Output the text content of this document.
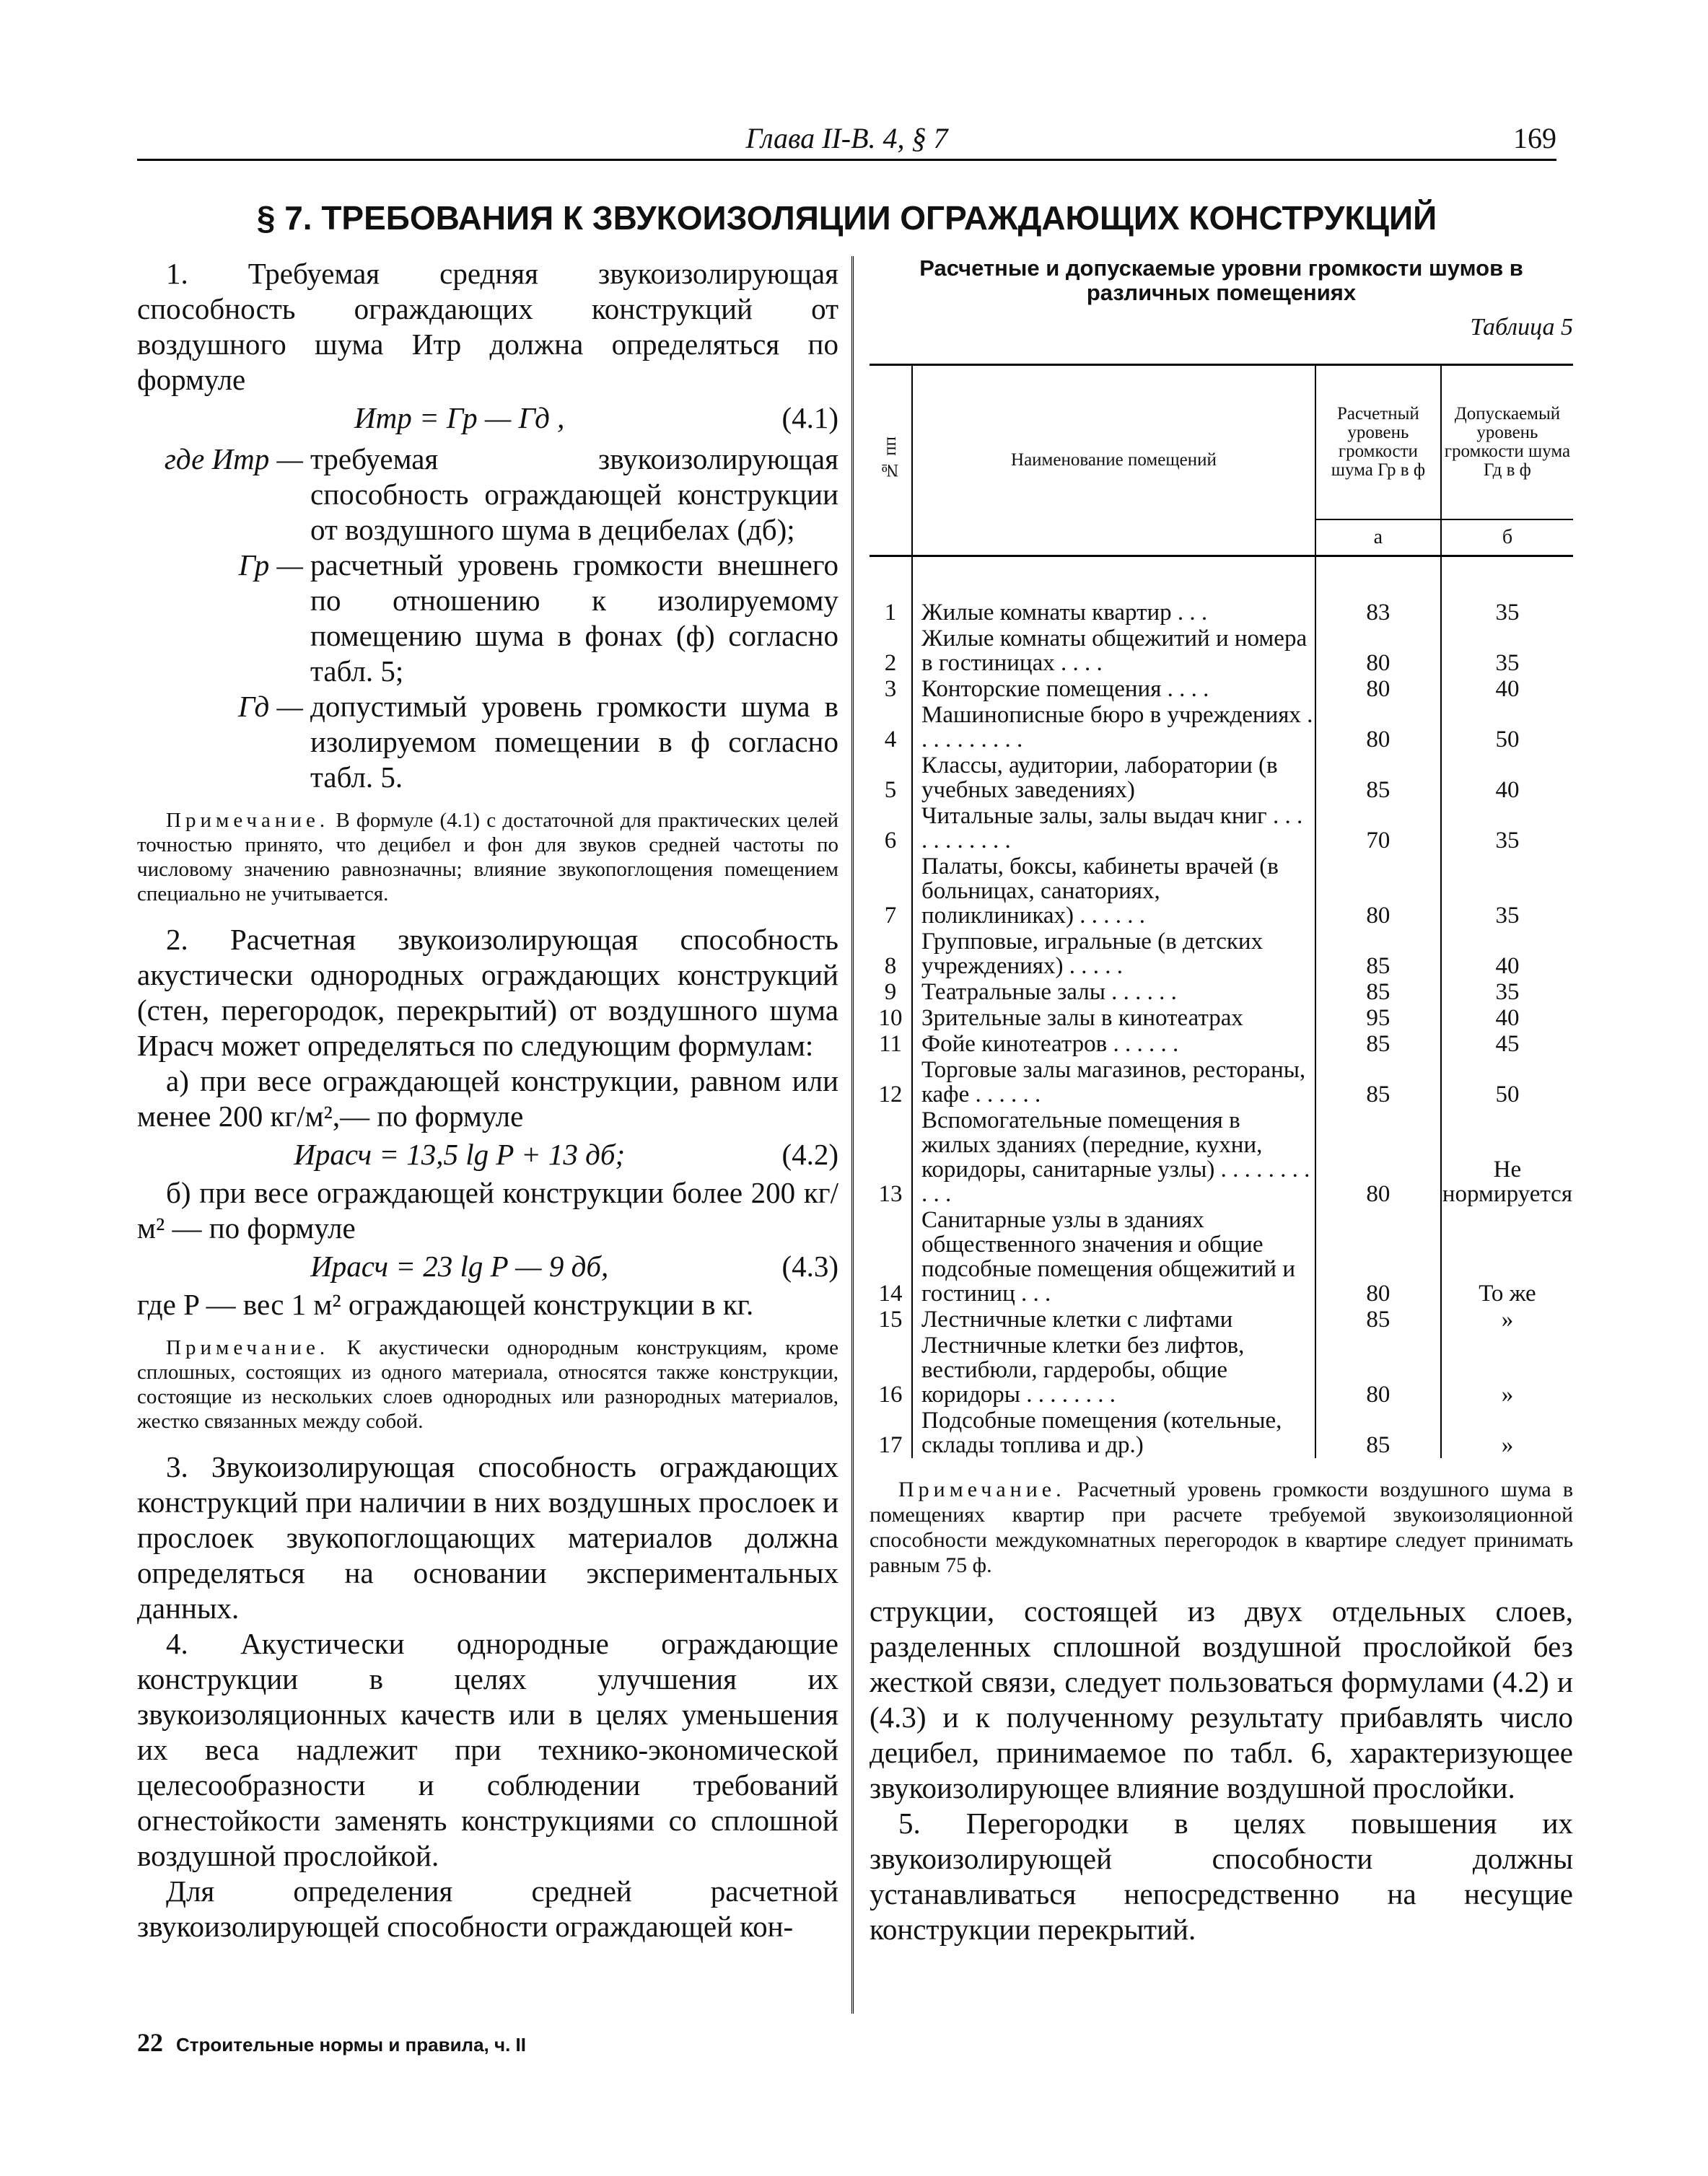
Глава II-В. 4, § 7	169
§ 7. ТРЕБОВАНИЯ К ЗВУКОИЗОЛЯЦИИ ОГРАЖДАЮЩИХ КОНСТРУКЦИЙ

1. Требуемая средняя звукоизолирующая способность ограждающих конструкций от воздушного шума Итр должна определяться по формуле

Итр = Гр — Гд ,	(4.1)
где Итр — требуемая звукоизолирующая способность ограждающей конструкции от воздушного шума в децибелах (дб);
Гр — расчетный уровень громкости внешнего по отношению к изолируемому помещению шума в фонах (ф) согласно табл. 5;
Гд — допустимый уровень громкости шума в изолируемом помещении в ф согласно табл. 5.

Примечание. В формуле (4.1) с достаточной для практических целей точностью принято, что децибел и фон для звуков средней частоты по числовому значению равнозначны; влияние звукопоглощения помещением специально не учитывается.

2. Расчетная звукоизолирующая способность акустически однородных ограждающих конструкций (стен, перегородок, перекрытий) от воздушного шума Ирасч может определяться по следующим формулам:

а) при весе ограждающей конструкции, равном или менее 200 кг/м²,— по формуле

Ирасч = 13,5 lg P + 13 дб;	(4.2)

б) при весе ограждающей конструкции более 200 кг/м² — по формуле

Ирасч = 23 lg P — 9 дб,	(4.3)

где P — вес 1 м² ограждающей конструкции в кг.

Примечание. К акустически однородным конструкциям, кроме сплошных, состоящих из одного материала, относятся также конструкции, состоящие из нескольких слоев однородных или разнородных материалов, жестко связанных между собой.

3. Звукоизолирующая способность ограждающих конструкций при наличии в них воздушных прослоек и прослоек звукопоглощающих материалов должна определяться на основании экспериментальных данных.

4. Акустически однородные ограждающие конструкции в целях улучшения их звукоизоляционных качеств или в целях уменьшения их веса надлежит при технико-экономической целесообразности и соблюдении требований огнестойкости заменять конструкциями со сплошной воздушной прослойкой.

Для определения средней расчетной звукоизолирующей способности ограждающей кон-

Расчетные и допускаемые уровни громкости шумов в различных помещениях
Таблица 5
№ пп	Наименование помещений	Расчетный уровень громкости шума Гр в ф	Допускаемый уровень громкости шума Гд в ф
		а	б

1	Жилые комнаты квартир . . .	83	35
2	Жилые комнаты общежитий и номера в гостиницах . . . .	80	35
3	Конторские помещения . . . .	80	40
4	Машинописные бюро в учреждениях . . . . . . . . . .	80	50
5	Классы, аудитории, лаборатории (в учебных заведениях)	85	40
6	Читальные залы, залы выдач книг . . . . . . . . . . .	70	35
7	Палаты, боксы, кабинеты врачей (в больницах, санаториях, поликлиниках) . . . . . .	80	35
8	Групповые, игральные (в детских учреждениях) . . . . .	85	40
9	Театральные залы . . . . . .	85	35
10	Зрительные залы в кинотеатрах	95	40
11	Фойе кинотеатров . . . . . .	85	45
12	Торговые залы магазинов, рестораны, кафе . . . . . .	85	50
13	Вспомогательные помещения в жилых зданиях (передние, кухни, коридоры, санитарные узлы) . . . . . . . . . . .	80	Не нормируется
14	Санитарные узлы в зданиях общественного значения и общие подсобные помещения общежитий и гостиниц . . .	80	То же
15	Лестничные клетки с лифтами	85	»
16	Лестничные клетки без лифтов, вестибюли, гардеробы, общие коридоры . . . . . . . .	80	»
17	Подсобные помещения (котельные, склады топлива и др.)	85	»

Примечание. Расчетный уровень громкости воздушного шума в помещениях квартир при расчете требуемой звукоизоляционной способности междукомнатных перегородок в квартире следует принимать равным 75 ф.

струкции, состоящей из двух отдельных слоев, разделенных сплошной воздушной прослойкой без жесткой связи, следует пользоваться формулами (4.2) и (4.3) и к полученному результату прибавлять число децибел, принимаемое по табл. 6, характеризующее звукоизолирующее влияние воздушной прослойки.

5. Перегородки в целях повышения их звукоизолирующей способности должны устанавливаться непосредственно на несущие конструкции перекрытий.

22 Строительные нормы и правила, ч. II
